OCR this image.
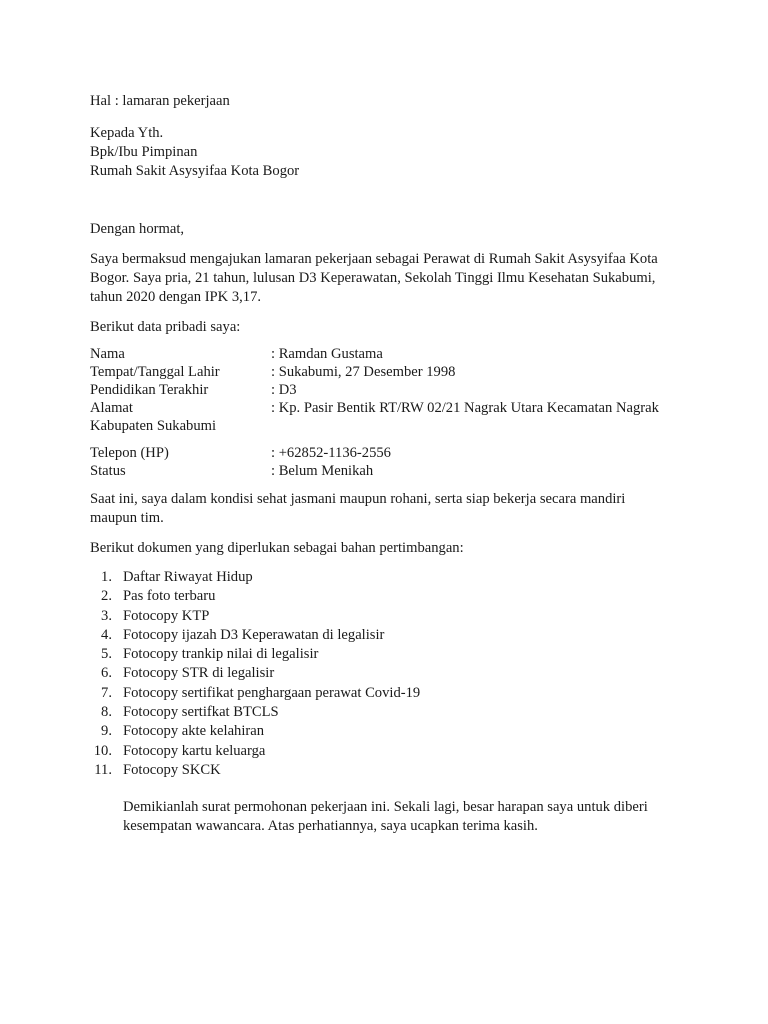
Hal : lamaran pekerjaan
Kepada Yth.
Bpk/Ibu Pimpinan
Rumah Sakit Asysyifaa Kota Bogor
Dengan hormat,
Saya bermaksud mengajukan lamaran pekerjaan sebagai Perawat di Rumah Sakit Asysyifaa Kota
Bogor. Saya pria, 21 tahun, lulusan D3 Keperawatan, Sekolah Tinggi Ilmu Kesehatan Sukabumi,
tahun 2020 dengan IPK 3,17.
Berikut data pribadi saya:
Nama	: Ramdan Gustama
Tempat/Tanggal Lahir	: Sukabumi, 27 Desember 1998
Pendidikan Terakhir	: D3
Alamat	: Kp. Pasir Bentik RT/RW 02/21 Nagrak Utara Kecamatan Nagrak
Kabupaten Sukabumi
Telepon (HP)	: +62852-1136-2556
Status	: Belum Menikah
Saat ini, saya dalam kondisi sehat jasmani maupun rohani, serta siap bekerja secara mandiri
maupun tim.
Berikut dokumen yang diperlukan sebagai bahan pertimbangan:
1. Daftar Riwayat Hidup
2. Pas foto terbaru
3. Fotocopy KTP
4. Fotocopy ijazah D3 Keperawatan di legalisir
5. Fotocopy trankip nilai di legalisir
6. Fotocopy STR di legalisir
7. Fotocopy sertifikat penghargaan perawat Covid-19
8. Fotocopy sertifkat BTCLS
9. Fotocopy akte kelahiran
10. Fotocopy kartu keluarga
11. Fotocopy SKCK
Demikianlah surat permohonan pekerjaan ini. Sekali lagi, besar harapan saya untuk diberi
kesempatan wawancara. Atas perhatiannya, saya ucapkan terima kasih.
